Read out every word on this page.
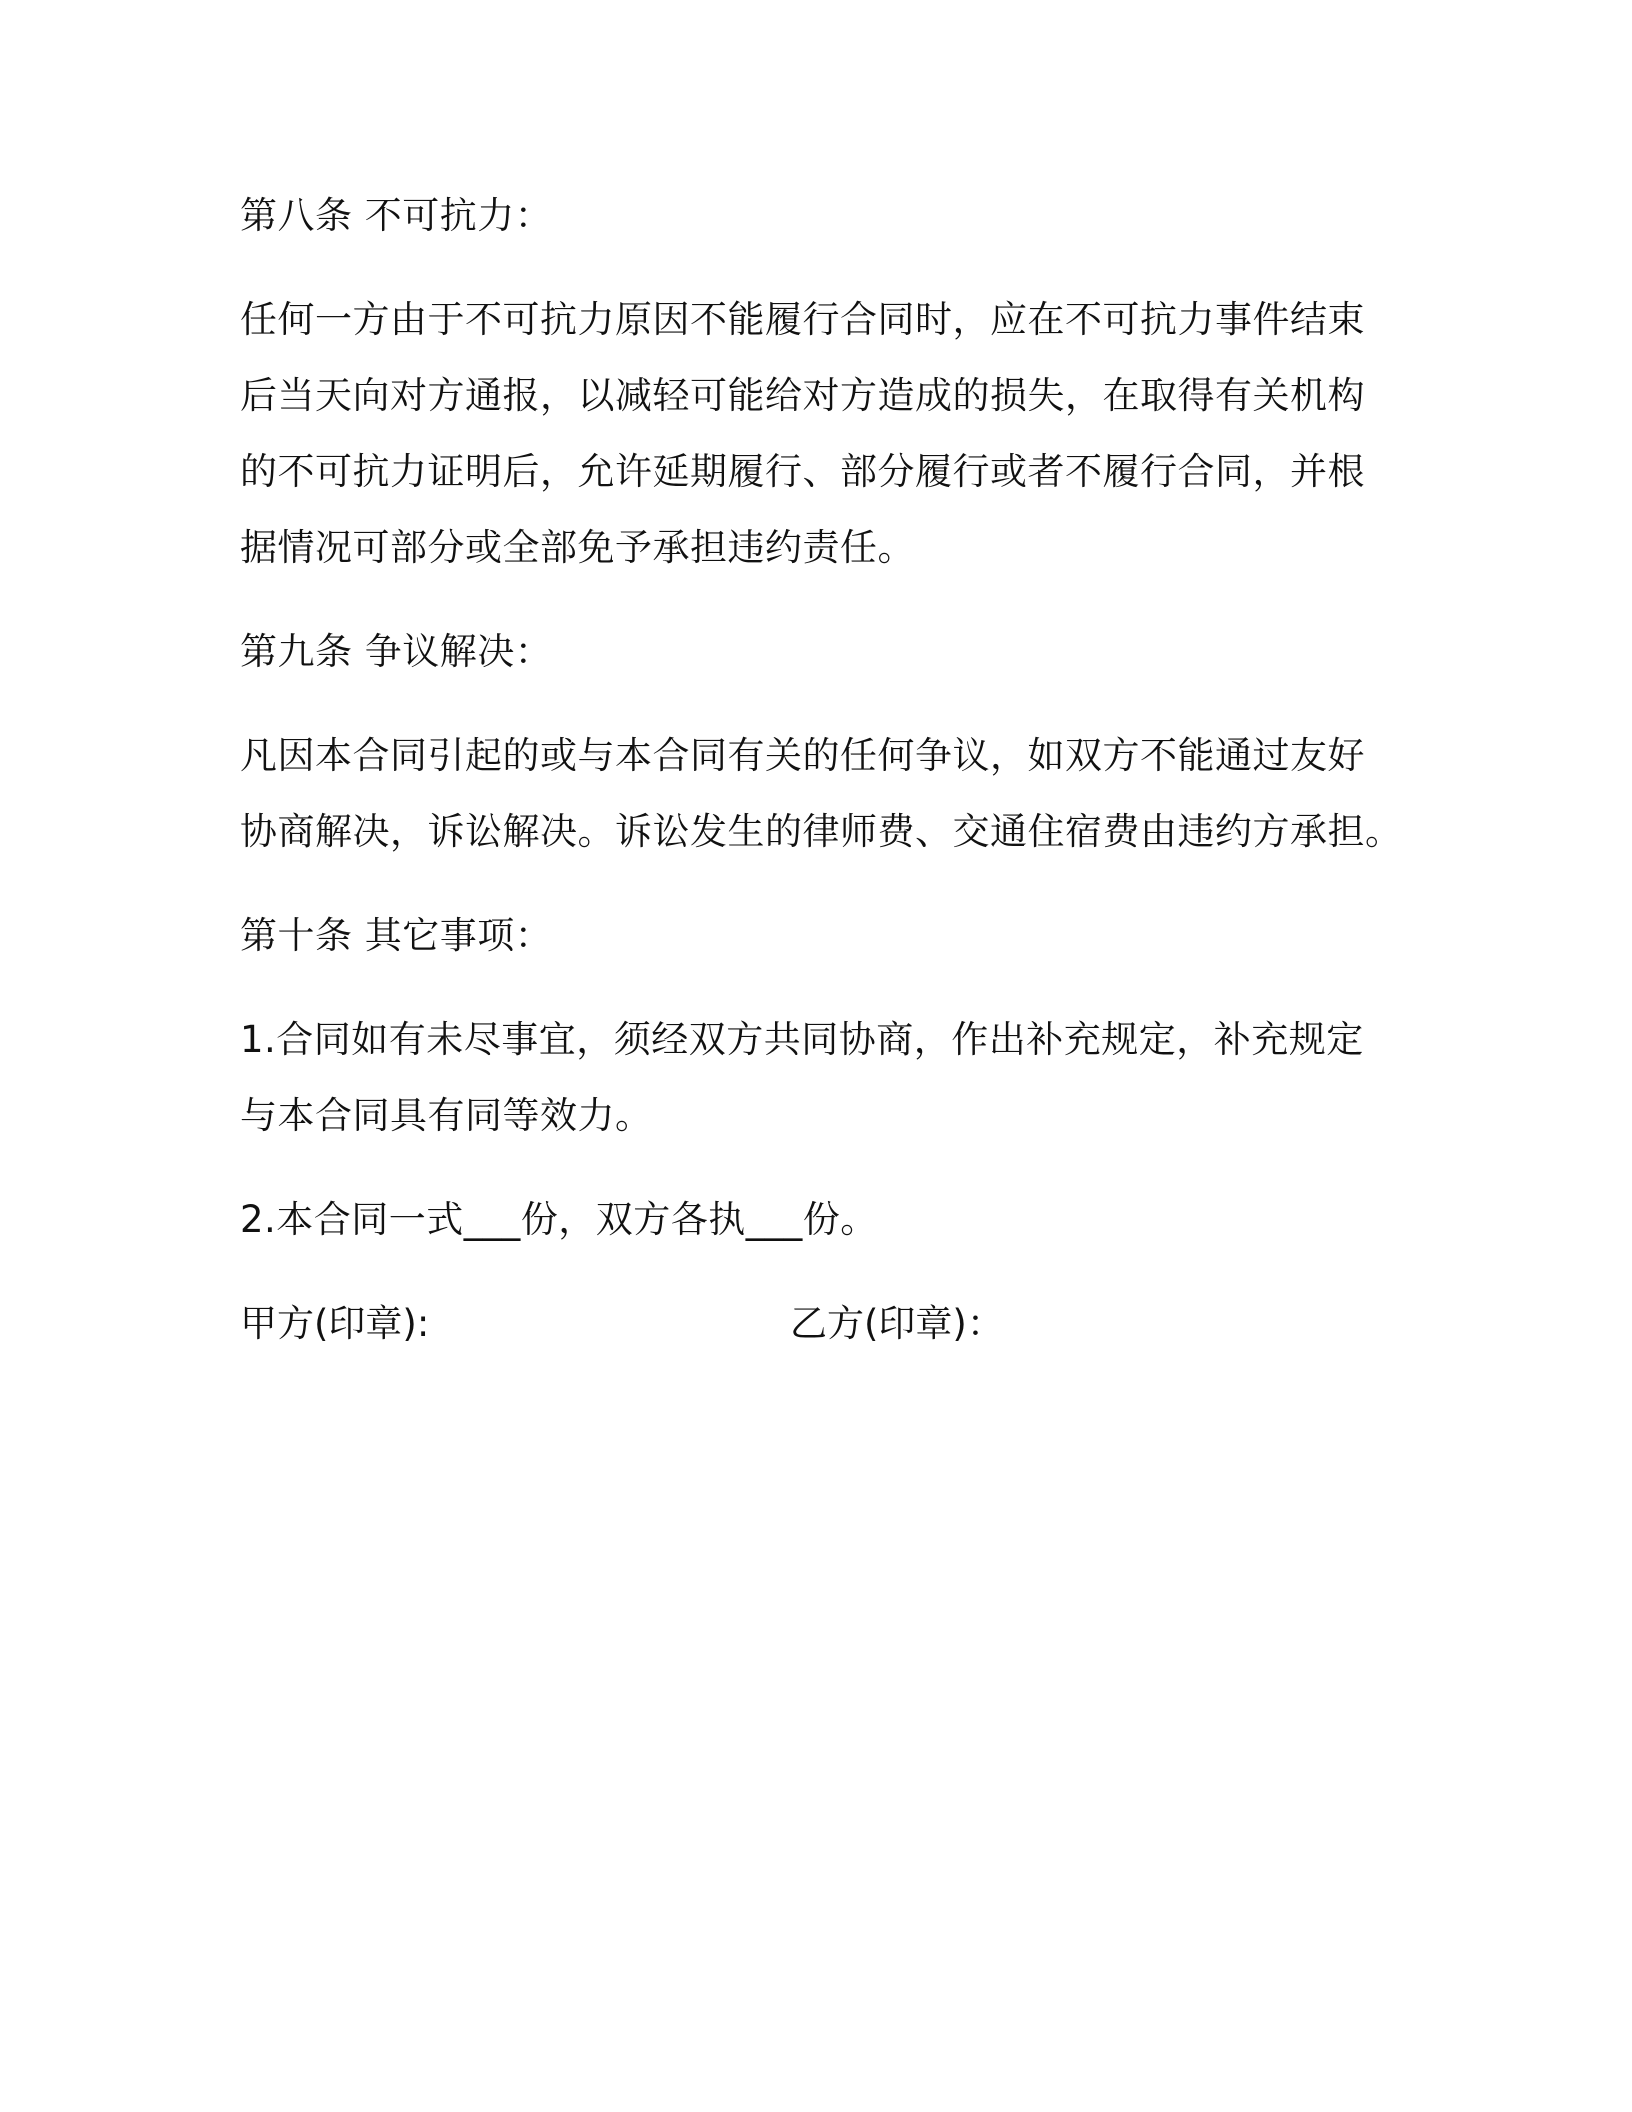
第八条 不可抗力：
任何一方由于不可抗力原因不能履行合同时，应在不可抗力事件结束
后当天向对方通报，以减轻可能给对方造成的损失，在取得有关机构
的不可抗力证明后，允许延期履行、部分履行或者不履行合同，并根
据情况可部分或全部免予承担违约责任。
第九条 争议解决：
凡因本合同引起的或与本合同有关的任何争议，如双方不能通过友好
协商解决，诉讼解决。诉讼发生的律师费、交通住宿费由违约方承担。
第十条 其它事项：
1.合同如有未尽事宜，须经双方共同协商，作出补充规定，补充规定
与本合同具有同等效力。
2.本合同一式___份，双方各执___份。
甲方(印章):	乙方(印章)：
